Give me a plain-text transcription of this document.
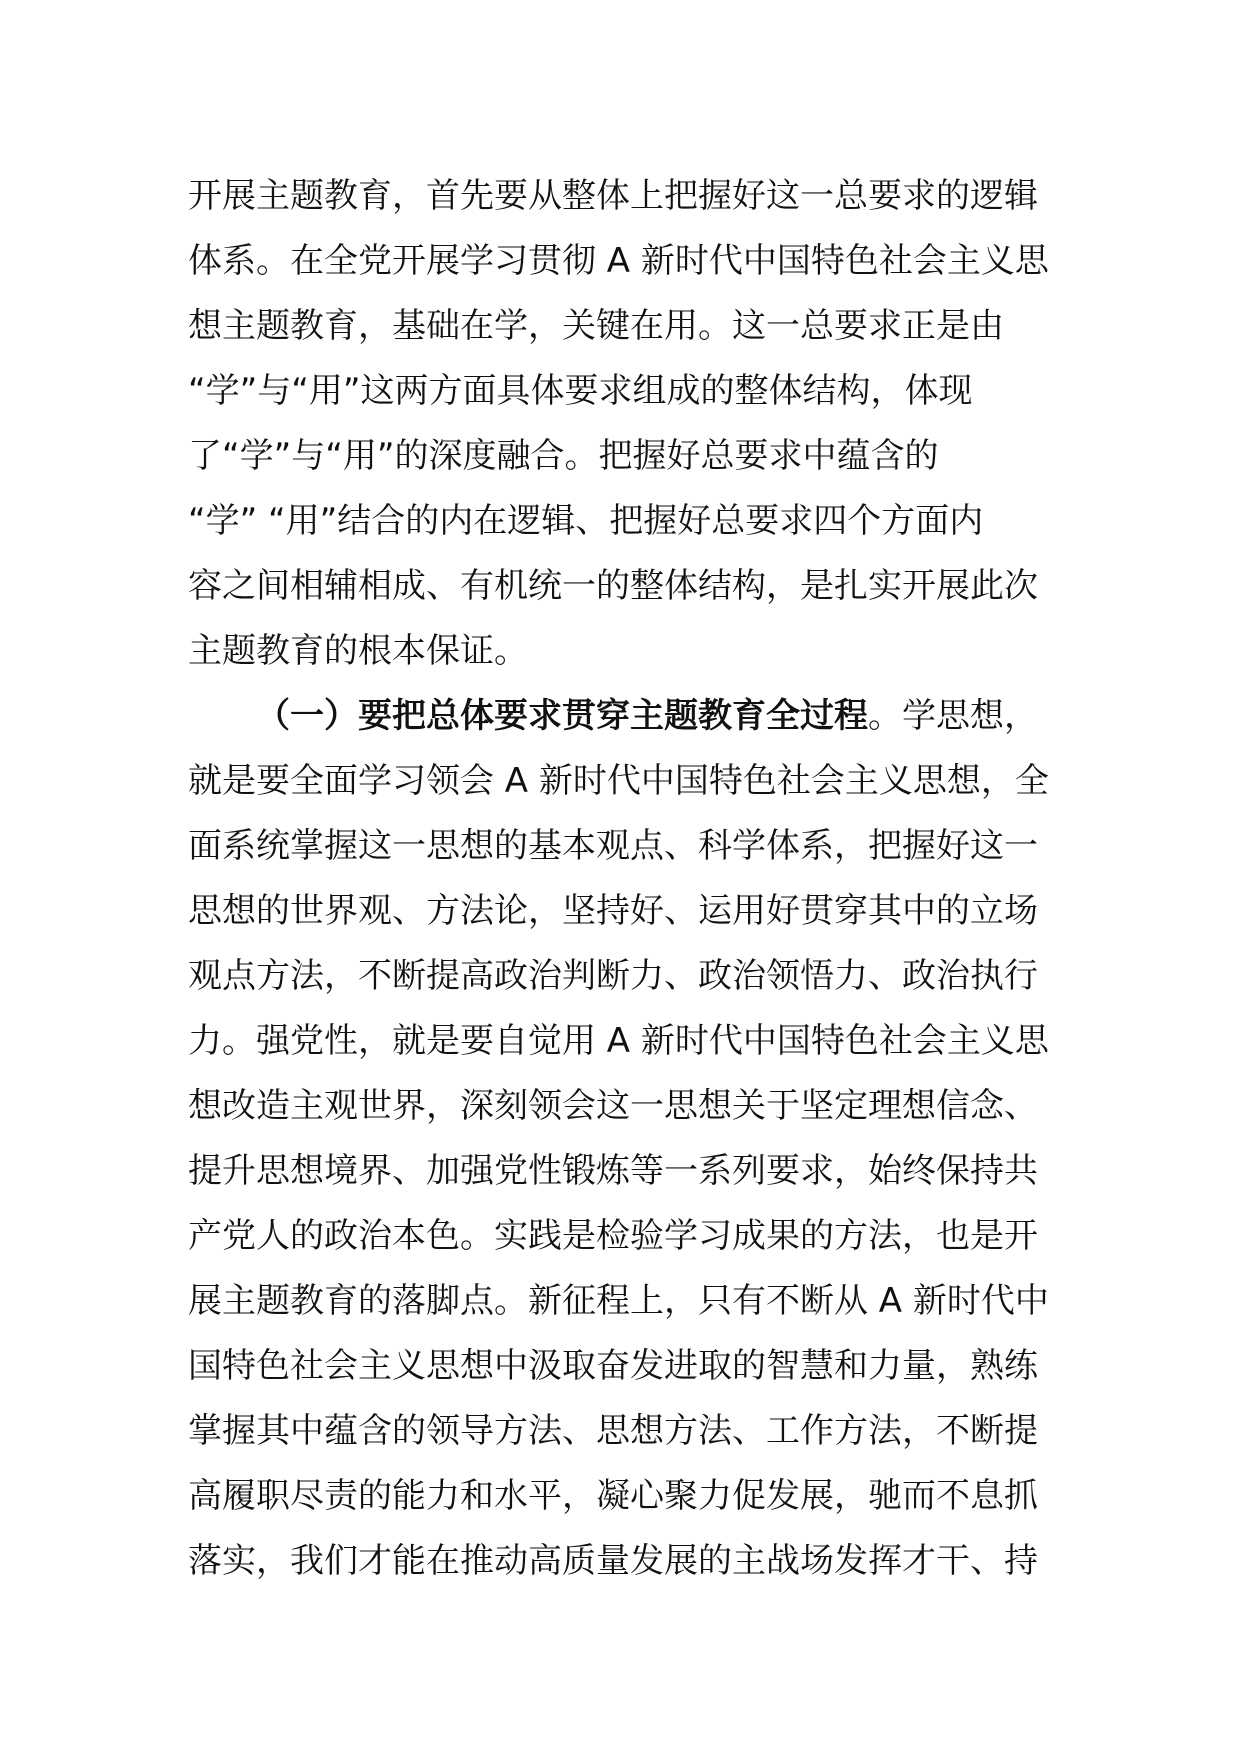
开展主题教育，首先要从整体上把握好这一总要求的逻辑
体系。在全党开展学习贯彻 A 新时代中国特色社会主义思
想主题教育，基础在学，关键在用。这一总要求正是由
“学”与“用”这两方面具体要求组成的整体结构，体现
了“学”与“用”的深度融合。把握好总要求中蕴含的
“学” “用”结合的内在逻辑、把握好总要求四个方面内
容之间相辅相成、有机统一的整体结构，是扎实开展此次
主题教育的根本保证。
（一）要把总体要求贯穿主题教育全过程。学思想，
就是要全面学习领会 A 新时代中国特色社会主义思想，全
面系统掌握这一思想的基本观点、科学体系，把握好这一
思想的世界观、方法论，坚持好、运用好贯穿其中的立场
观点方法，不断提高政治判断力、政治领悟力、政治执行
力。强党性，就是要自觉用 A 新时代中国特色社会主义思
想改造主观世界，深刻领会这一思想关于坚定理想信念、
提升思想境界、加强党性锻炼等一系列要求，始终保持共
产党人的政治本色。实践是检验学习成果的方法，也是开
展主题教育的落脚点。新征程上，只有不断从 A 新时代中
国特色社会主义思想中汲取奋发进取的智慧和力量，熟练
掌握其中蕴含的领导方法、思想方法、工作方法，不断提
高履职尽责的能力和水平，凝心聚力促发展，驰而不息抓
落实，我们才能在推动高质量发展的主战场发挥才干、持
